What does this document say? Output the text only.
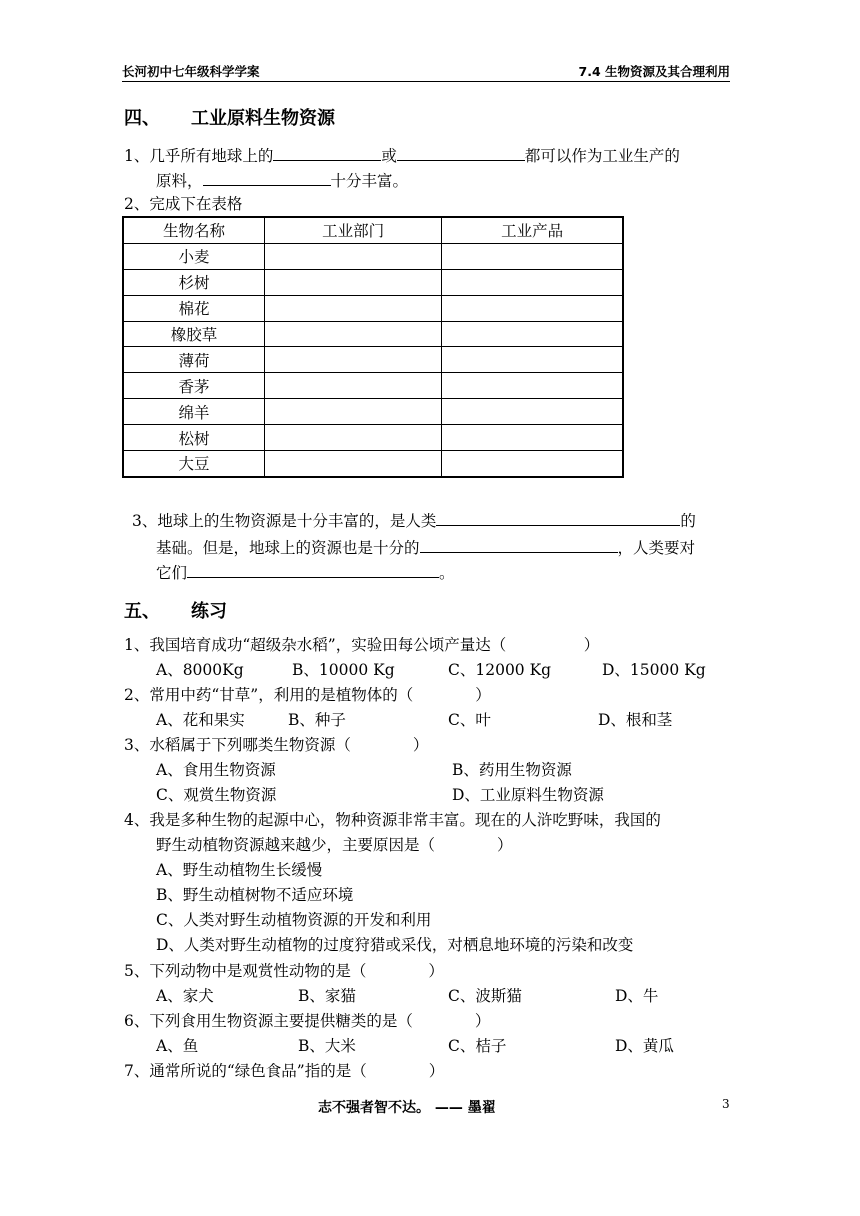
长河初中七年级科学学案	7.4 生物资源及其合理利用
四、 工业原料生物资源
1、几乎所有地球上的	或	都可以作为工业生产的
原料，	十分丰富。
2、完成下在表格
生物名称	工业部门	工业产品
小麦		
杉树		
棉花		
橡胶草		
薄荷		
香茅		
绵羊		
松树		
大豆		
3、地球上的生物资源是十分丰富的，是人类	的
基础。但是，地球上的资源也是十分的	，人类要对
它们	。
五、 练习
1、我国培育成功“超级杂水稻”，实验田每公顷产量达（　　　　　）
A、8000Kg	B、10000 Kg	C、12000 Kg	D、15000 Kg
2、常用中药“甘草”，利用的是植物体的（　　　　）
A、花和果实	B、种子	C、叶	D、根和茎
3、水稻属于下列哪类生物资源（　　　　）
A、食用生物资源	B、药用生物资源
C、观赏生物资源	D、工业原料生物资源
4、我是多种生物的起源中心，物种资源非常丰富。现在的人浒吃野味，我国的
野生动植物资源越来越少，主要原因是（　　　　）
A、野生动植物生长缓慢
B、野生动植树物不适应环境
C、人类对野生动植物资源的开发和利用
D、人类对野生动植物的过度狩猎或采伐，对栖息地环境的污染和改变
5、下列动物中是观赏性动物的是（　　　　）
A、家犬	B、家猫	C、波斯猫	D、牛
6、下列食用生物资源主要提供糖类的是（　　　　）
A、鱼	B、大米	C、桔子	D、黄瓜
7、通常所说的“绿色食品”指的是（　　　　）
志不强者智不达。 —— 墨翟	3
